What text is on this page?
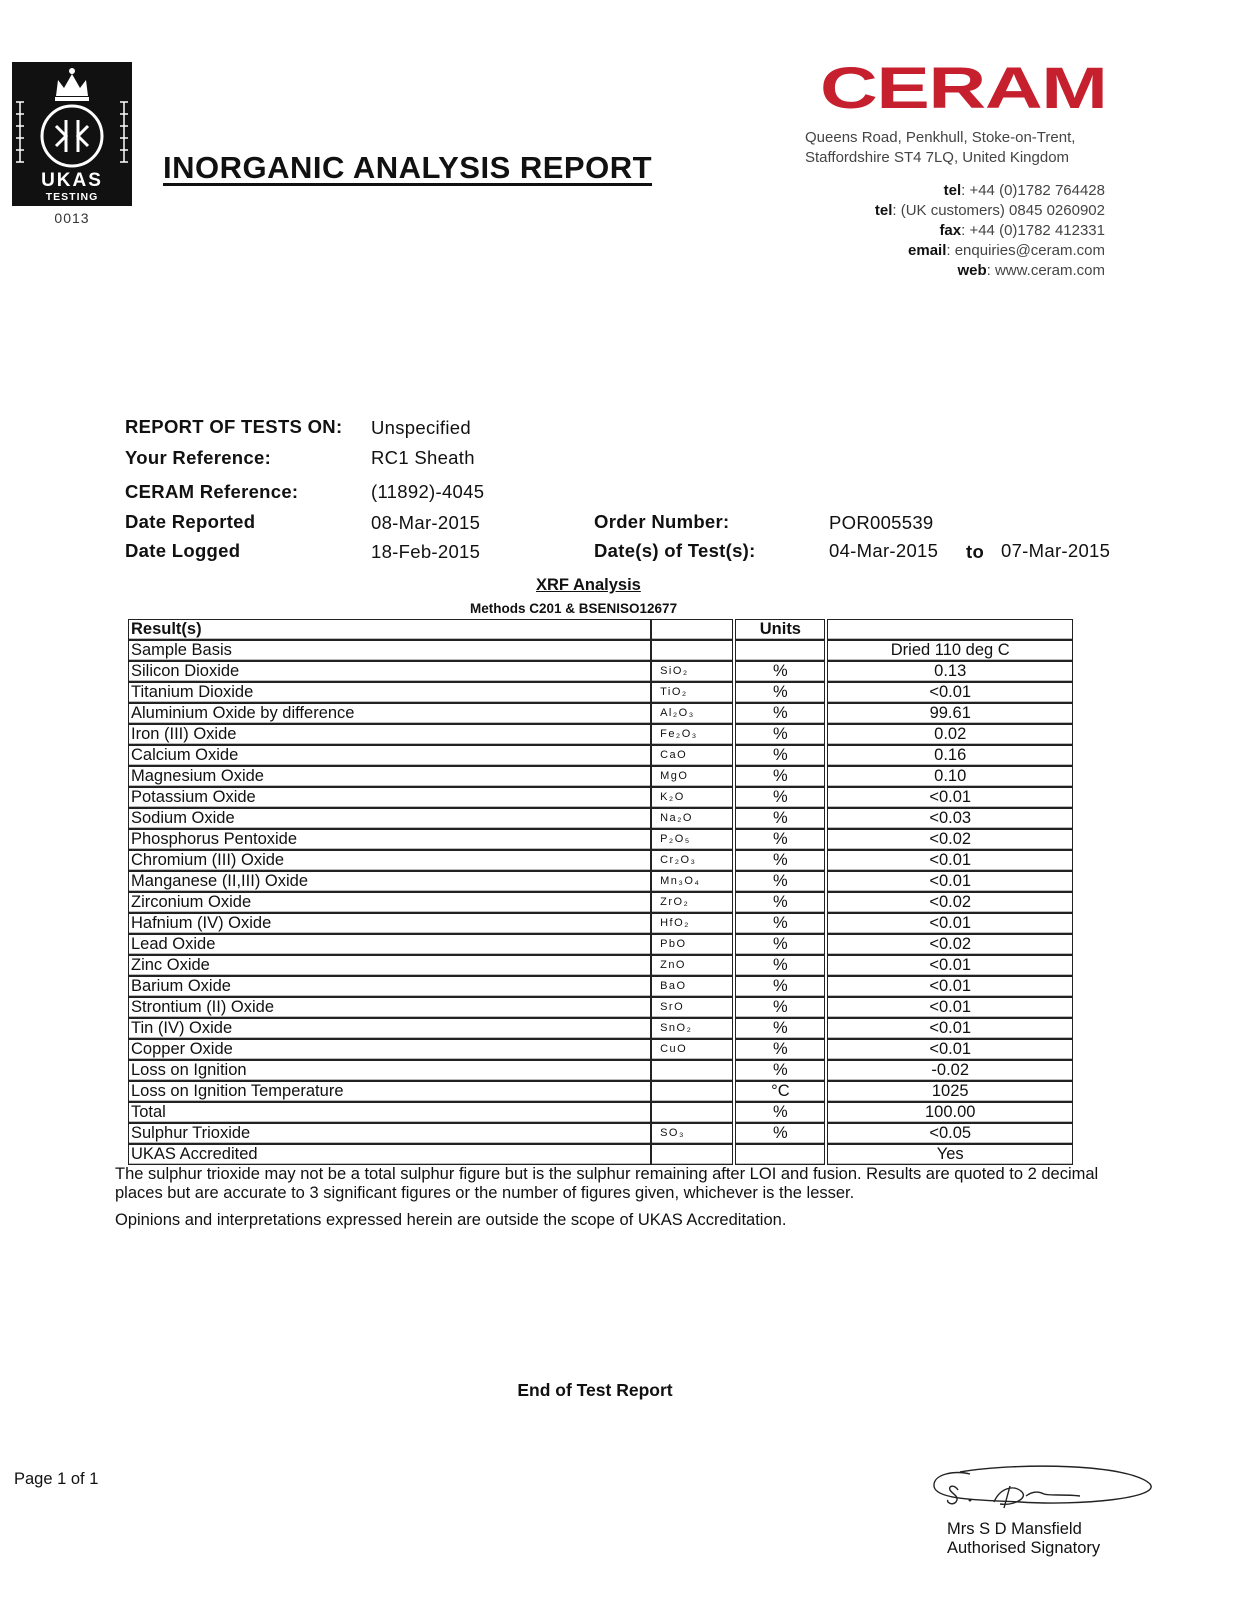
UKAS
TESTING
0013
INORGANIC ANALYSIS REPORT
CERAM
Queens Road, Penkhull, Stoke-on-Trent,
Staffordshire ST4 7LQ, United Kingdom
tel: +44 (0)1782 764428
tel: (UK customers) 0845 0260902
fax: +44 (0)1782 412331
email: enquiries@ceram.com
web: www.ceram.com
REPORT OF TESTS ON: Unspecified
Your Reference:	RC1 Sheath
CERAM Reference:	(11892)-4045
Date Reported	08-Mar-2015	Order Number:	POR005539
Date Logged	18-Feb-2015	Date(s) of Test(s):	04-Mar-2015 to 07-Mar-2015
XRF Analysis
Methods C201 & BSENISO12677
Result(s)			Units		
Sample Basis					Dried 110 deg C
Silicon Dioxide	SiO₂		%		0.13
Titanium Dioxide	TiO₂		%		<0.01
Aluminium Oxide by difference	Al₂O₃		%		99.61
Iron (III) Oxide	Fe₂O₃		%		0.02
Calcium Oxide	CaO		%		0.16
Magnesium Oxide	MgO		%		0.10
Potassium Oxide	K₂O		%		<0.01
Sodium Oxide	Na₂O		%		<0.03
Phosphorus Pentoxide	P₂O₅		%		<0.02
Chromium (III) Oxide	Cr₂O₃		%		<0.01
Manganese (II,III) Oxide	Mn₃O₄		%		<0.01
Zirconium Oxide	ZrO₂		%		<0.02
Hafnium (IV) Oxide	HfO₂		%		<0.01
Lead Oxide	PbO		%		<0.02
Zinc Oxide	ZnO		%		<0.01
Barium Oxide	BaO		%		<0.01
Strontium (II) Oxide	SrO		%		<0.01
Tin (IV) Oxide	SnO₂		%		<0.01
Copper Oxide	CuO		%		<0.01
Loss on Ignition			%		-0.02
Loss on Ignition Temperature			°C		1025
Total			%		100.00
Sulphur Trioxide	SO₃		%		<0.05
UKAS Accredited					Yes
The sulphur trioxide may not be a total sulphur figure but is the sulphur remaining after LOI and fusion. Results are quoted to 2 decimal places but are accurate to 3 significant figures or the number of figures given, whichever is the lesser.
Opinions and interpretations expressed herein are outside the scope of UKAS Accreditation.
End of Test Report
Page 1 of 1
Mrs S D Mansfield
Authorised Signatory
